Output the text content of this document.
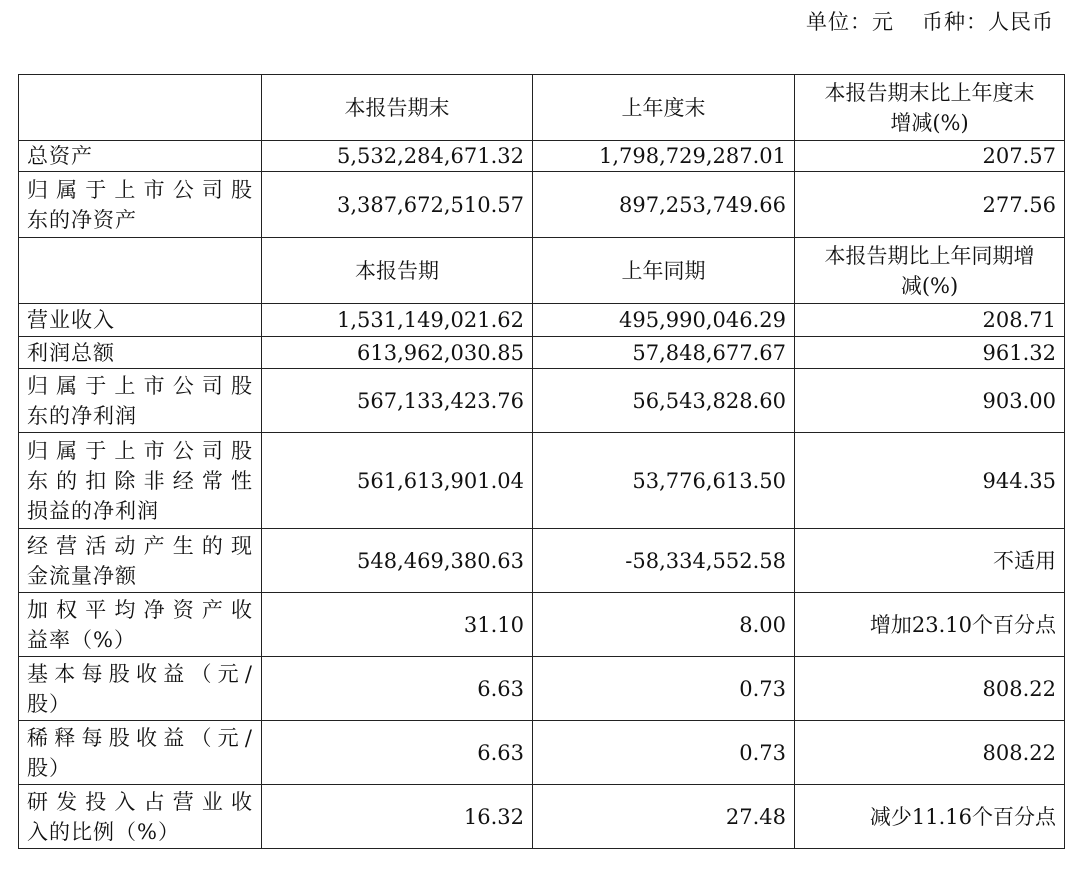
单位：元 币种：人民币
	本报告期末	上年度末	本报告期末比上年度末
增减(%)

总资产	5,532,284,671.32	1,798,729,287.01	207.57

归属于上市公司股
东的净资产	3,387,672,510.57	897,253,749.66	277.56
	本报告期	上年同期	本报告期比上年同期增
减(%)

营业收入	1,531,149,021.62	495,990,046.29	208.71

利润总额	613,962,030.85	57,848,677.67	961.32

归属于上市公司股
东的净利润	567,133,423.76	56,543,828.60	903.00

归属于上市公司股
东的扣除非经常性
损益的净利润	561,613,901.04	53,776,613.50	944.35

经营活动产生的现
金流量净额	548,469,380.63	-58,334,552.58	不适用

加权平均净资产收
益率（%）	31.10	8.00	增加23.10个百分点

基本每股收益（元/
股）	6.63	0.73	808.22

稀释每股收益（元/
股）	6.63	0.73	808.22

研发投入占营业收
入的比例（%）	16.32	27.48	减少11.16个百分点
